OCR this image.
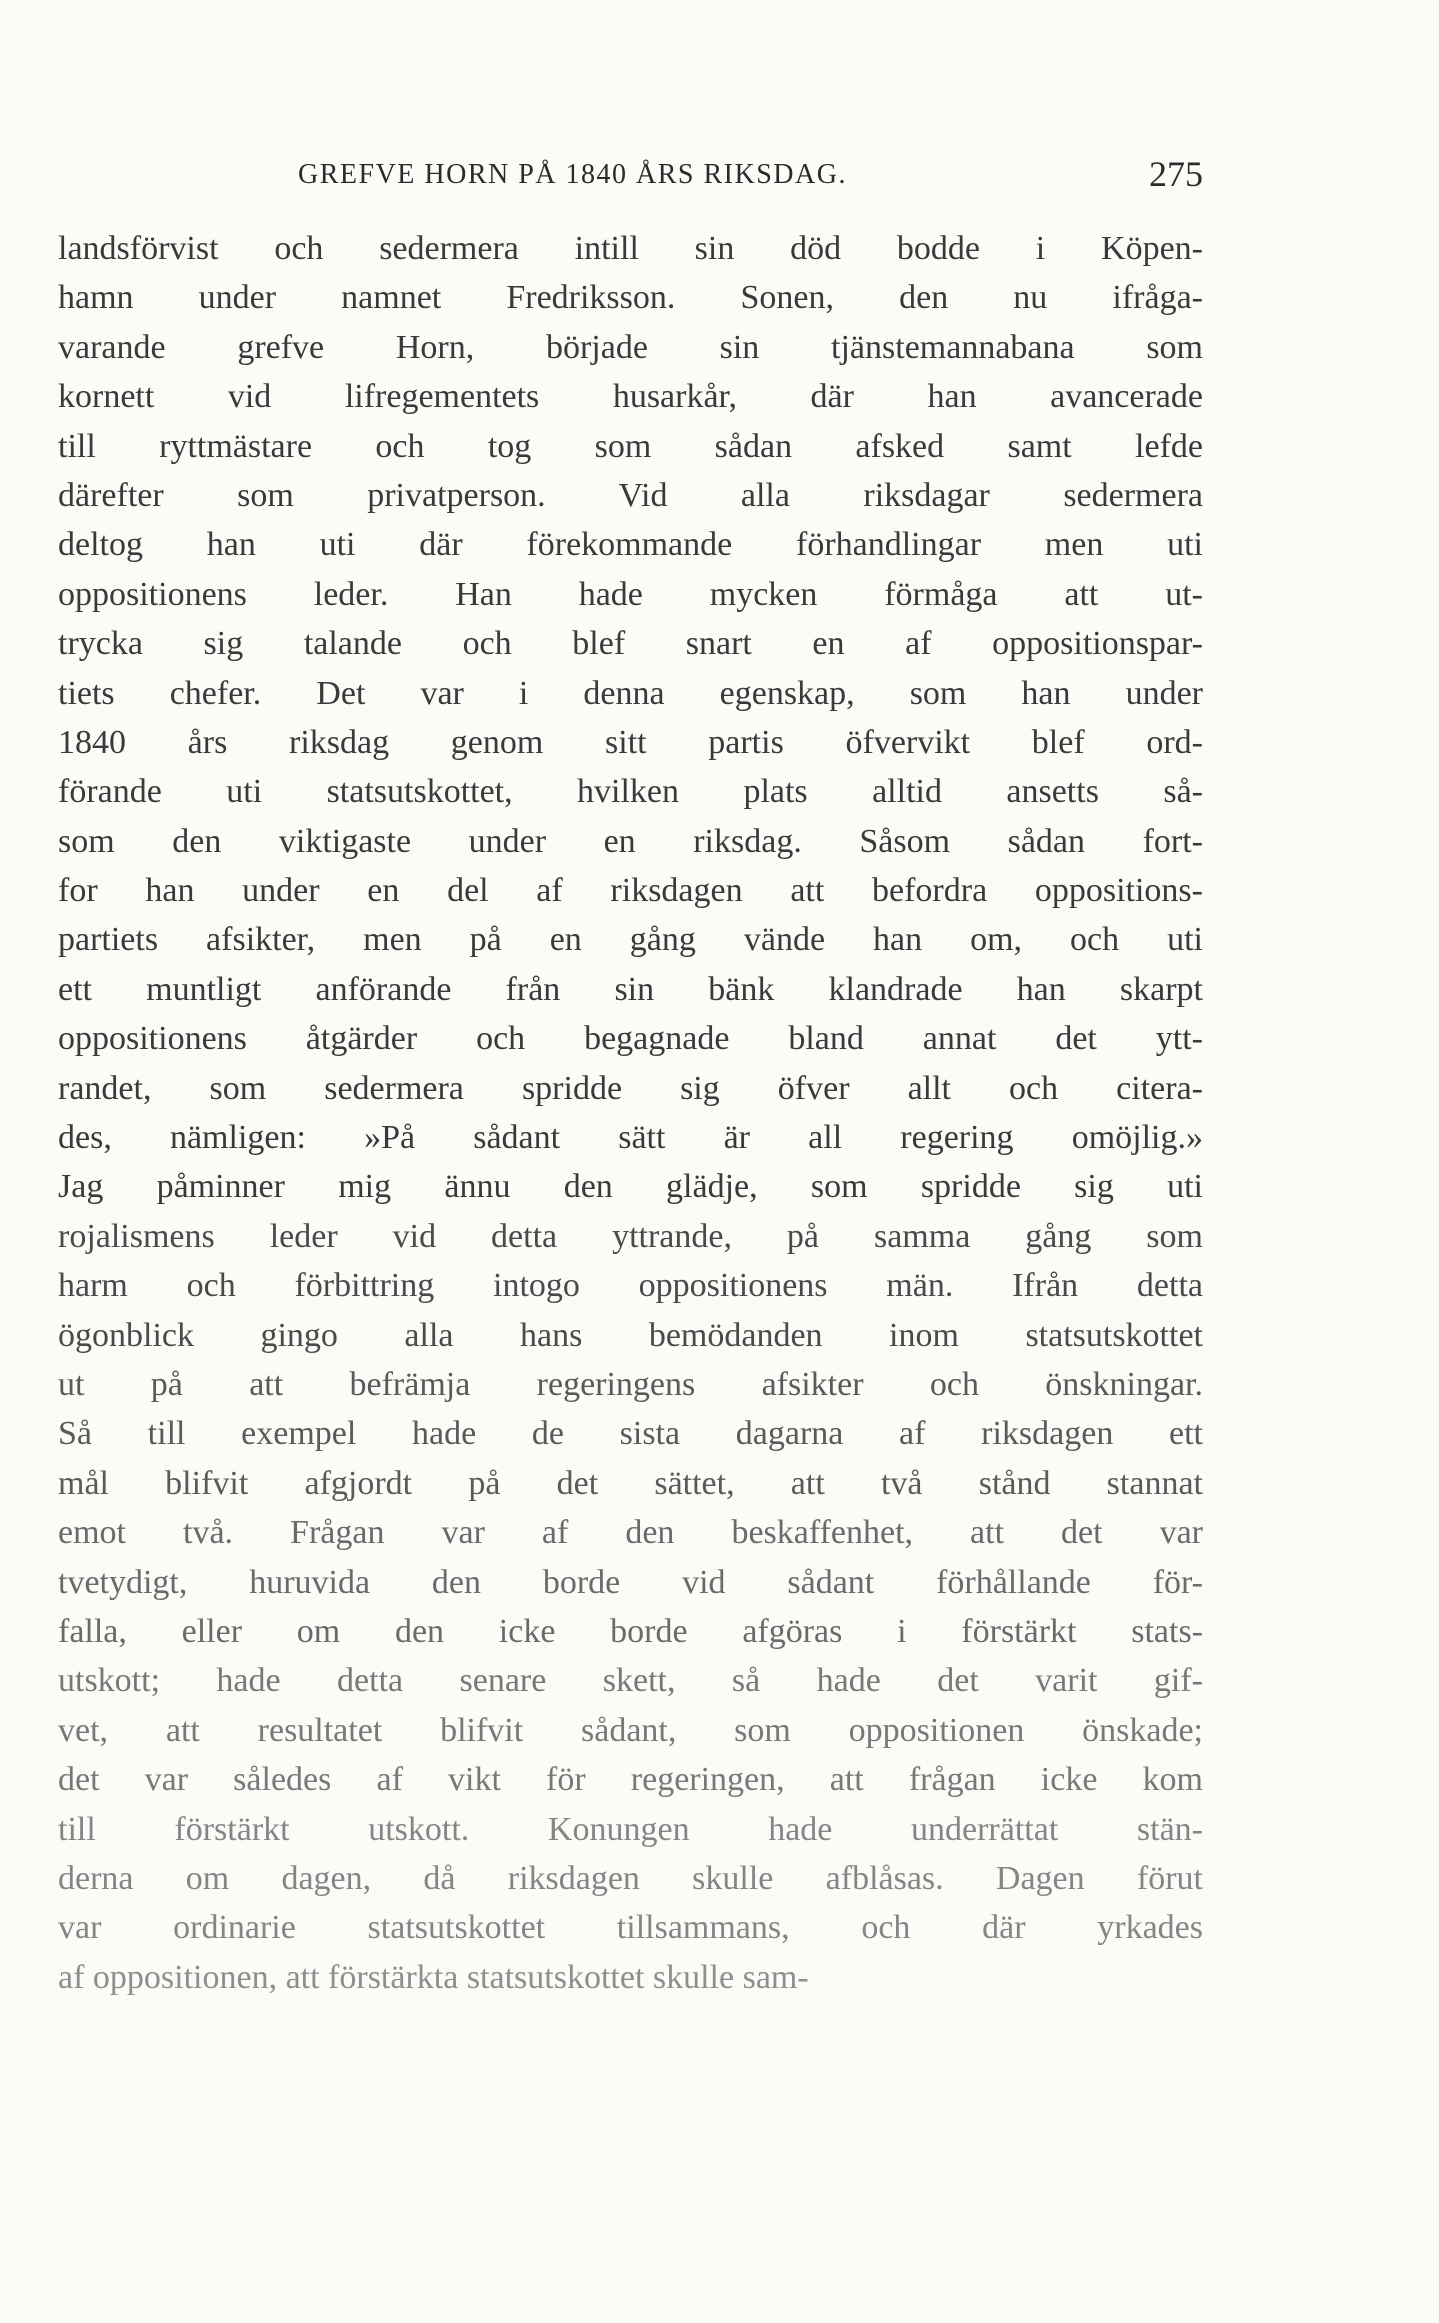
GREFVE HORN PÅ 1840 ÅRS RIKSDAG.	275
landsförvist och sedermera intill sin död bodde i Köpen-
hamn under namnet Fredriksson. Sonen, den nu ifråga-
varande grefve Horn, började sin tjänstemannabana som
kornett vid lifregementets husarkår, där han avancerade
till ryttmästare och tog som sådan afsked samt lefde
därefter som privatperson. Vid alla riksdagar sedermera
deltog han uti där förekommande förhandlingar men uti
oppositionens leder. Han hade mycken förmåga att ut-
trycka sig talande och blef snart en af oppositionspar-
tiets chefer. Det var i denna egenskap, som han under
1840 års riksdag genom sitt partis öfvervikt blef ord-
förande uti statsutskottet, hvilken plats alltid ansetts så-
som den viktigaste under en riksdag. Såsom sådan fort-
for han under en del af riksdagen att befordra oppositions-
partiets afsikter, men på en gång vände han om, och uti
ett muntligt anförande från sin bänk klandrade han skarpt
oppositionens åtgärder och begagnade bland annat det ytt-
randet, som sedermera spridde sig öfver allt och citera-
des, nämligen: »På sådant sätt är all regering omöjlig.»
Jag påminner mig ännu den glädje, som spridde sig uti
rojalismens leder vid detta yttrande, på samma gång som
harm och förbittring intogo oppositionens män. Ifrån detta
ögonblick gingo alla hans bemödanden inom statsutskottet
ut på att befrämja regeringens afsikter och önskningar.
Så till exempel hade de sista dagarna af riksdagen ett
mål blifvit afgjordt på det sättet, att två stånd stannat
emot två. Frågan var af den beskaffenhet, att det var
tvetydigt, huruvida den borde vid sådant förhållande för-
falla, eller om den icke borde afgöras i förstärkt stats-
utskott; hade detta senare skett, så hade det varit gif-
vet, att resultatet blifvit sådant, som oppositionen önskade;
det var således af vikt för regeringen, att frågan icke kom
till förstärkt utskott. Konungen hade underrättat stän-
derna om dagen, då riksdagen skulle afblåsas. Dagen förut
var ordinarie statsutskottet tillsammans, och där yrkades
af oppositionen, att förstärkta statsutskottet skulle sam-
